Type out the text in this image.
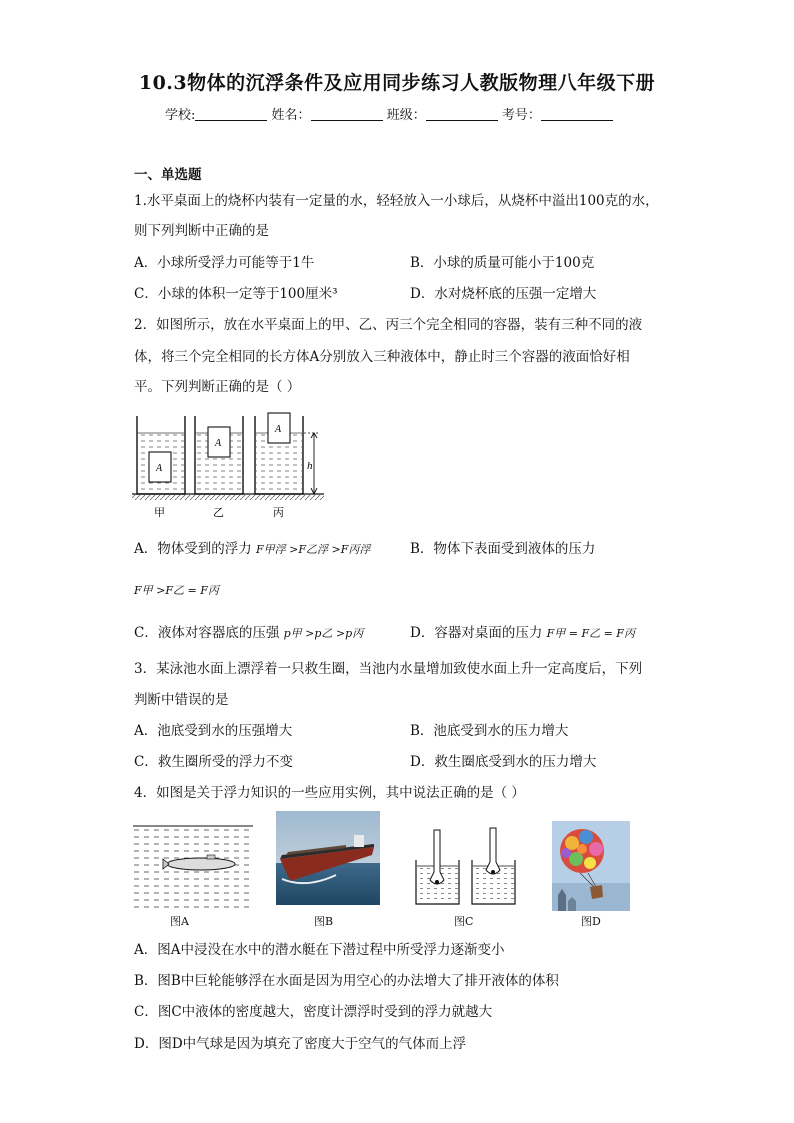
10.3物体的沉浮条件及应用同步练习人教版物理八年级下册
学校:	姓名：	班级：	考号：
一、单选题
1.水平桌面上的烧杯内装有一定量的水，轻轻放入一小球后，从烧杯中溢出100克的水，
则下列判断中正确的是
A．小球所受浮力可能等于1牛	B．小球的质量可能小于100克
C．小球的体积一定等于100厘米³	D．水对烧杯底的压强一定增大
2．如图所示，放在水平桌面上的甲、乙、丙三个完全相同的容器，装有三种不同的液
体，将三个完全相同的长方体A分别放入三种液体中，静止时三个容器的液面恰好相
平。下列判断正确的是（ ）
A
A
A
h
甲	乙	丙
A．物体受到的浮力 F甲浮 >F乙浮 >F丙浮	B．物体下表面受到液体的压力
F甲 >F乙 = F丙
C．液体对容器底的压强 p甲 >p乙 >p丙	D．容器对桌面的压力 F甲 = F乙 = F丙
3．某泳池水面上漂浮着一只救生圈，当池内水量增加致使水面上升一定高度后，下列
判断中错误的是
A．池底受到水的压强增大	B．池底受到水的压力增大
C．救生圈所受的浮力不变	D．救生圈底受到水的压力增大
4．如图是关于浮力知识的一些应用实例，其中说法正确的是（ ）
图A	图B	图C	图D
A．图A中浸没在水中的潜水艇在下潜过程中所受浮力逐渐变小
B．图B中巨轮能够浮在水面是因为用空心的办法增大了排开液体的体积
C．图C中液体的密度越大，密度计漂浮时受到的浮力就越大
D．图D中气球是因为填充了密度大于空气的气体而上浮
